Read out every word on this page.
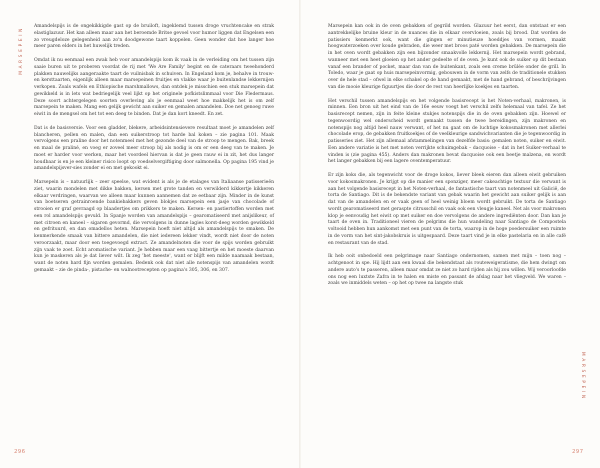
M A R S E P E I N

Amandelspijs is de ongekikkigde gast op de bruiloft, ingeklemd tussen droge vruchtencake en strak elastiglazuur. Het kan alleen maar aan het beroemde Britse gevoel voor humor liggen dat Engelsen een zo vreugdeloze gelegenheid aan zo'n doodgewone taart koppelen. Geen wonder dat hoe langer hoe meer paren elders in het huwelijk treden.

Omdat ik nu eenmaal een zwak heb voor amandelspijs kom ik vaak in de verleiding om het tussen zijn saaie buren uit te proberen voordat de rij met 'We Are Family' begint en de cateraars tweehonderd plakken nauwelijks aangeraakte taart de vuilnisbak in schuiven. In Engeland kom je, behalve in trouw- en kersttaarten, eigenlijk alleen maar marsepeinen fruitjes en vlakke waar je buitenlandse lekkernijen verkopen. Zoals wafels en Ethiopische marshmallows, dan ontdek je misschien een stuk marsepein dat gewikkeld is in lets wat bedriegelijk veel lijkt op het originele pofkistslimmaal voor Die Fledermaus. Deze soort achtergelegen soorten overleving als je eenmaal weet hoe makkelijk het is om zelf marsepein te maken. Mang een gelijk gewicht aan suiker en gemalen amandelen. Doe net genoeg ruwe eiwit in de mengsel om het tot een deeg te binden. Dat je dan kort kneedt. En zet.

Dat is de basisversie. Voor een gladder, blekere, arbeidsintensievere resultaat moet je amandelen zelf blancheren, pellen en malen, dan een suikerstroop tot harde bal koken – zie pagina 101. Maak vervolgens een praline door het notenmeel met het gezonde deel van de stroop te mengen. Bak, breek en maal de praliné, en voeg er zoveel meer stroop bij als nodig is om er een deeg van te maken. Je moet er harder voor werken, maar het voordeel hiervan is dat je geen rauw ei in zit, het dus langer houdbaar is en je een kleiner risico loopt op voedselvergiftiging door salmonella. Op pagina 195 vind je amandelspijsver-sies zonder ei en met gekookt ei.

Marsepein is – natuurlijk – zeer speelse, wat evident is als je de etalages van Italiaanse patisserieën ziet, waarin mondelen met dikke bakken, kersen met grote tanden en verwilderd kikkertje kikkeren elkaar verdringen, waarvan we alleen maar kunnen aannemen dat ze eetbaar zijn. Minder in de kunst van boetseren getrainroende bankiebakkers geven blokjes marsepein een jasje van chocolade of strooien er graf gevraagd op blaadertjes om prikkers te maken. Kersen- en pastiertoffen worden met een rol amandelspijs gevuld. In Spanje worden van amandelspijs – gearomatiseerd met anijslikeur, of met citroen en kaneel – sigaren gevormd, die vervolgens in dunne lagies korst-deeg worden gewikkeld en gefrituurd, en dan omadellos heten. Marsepein hoeft niet altijd als amandelspijs te smaken. De kenmerkende smaak van bittere amandelen, die niet iedereen lekker vindt, wordt niet door de noten veroorzaakt, maar door een toegevoegd extract. Ze amandelnoten die voor de spijs worden gebruikt zijn vaak te zoet. Echt aromatische variant. Je hebben maar een vaag bittertje en het moeste daarvan kun je maskeren als je dat liever wilt. Ik zeg 'het meeste', want er blijft een milde naamaak bestaan, want de noten hard fijn worden gemalen. Bedenk ook dat niet alle notenspijs van amandelen wordt gemaakt – zie de pinda-, pistache- en walnootrecepten op pagina's 305, 306, en 307.

296

Marsepein kan ook in de oven gebakken of gegrild worden. Glazuur het eerst, dan ontstaat er een aantrekkelijke bruine kleur in de nuances die in elkaar overvloeien, zoals bij brood. Dat worden de patissiers kenmerkt ook, want die gingen er minutieuze hoeddjes van vormen, maakt hoogwaterzoeken over koude gebraden, die weer met broos paté worden gebakken. De marsepein die in het oven wordt gebakken zijn een bijzonder smaakvolle lekkernij. Het marsepein wordt gebrand, wanneer met een heet gloeien op het ander gedeelte of de oven. Je kunt ook de suiker op dit bestaan vanaf een brander of pocket, maar dan van de buitenkant, zoals een creme brûlée onder de grill. In Toledo, waar je gaat op huis marsepeinvormig, gebouwen in de vorm van zelfs de traditionele stukken over de hele stad – ofwel in elke schakel op de hand gemaakt, met de hand gebrand, of beschrijvingen van die mooie kleurige figuurtjes die door de rest van heerlijke koekjes en taarten.

Het verschil tussen amandelspijs en het volgende basisrecept is het Noten-verhaal, makronen, is minnen. Een bron uit het eind van de 16e eeuw voegt het verschil zelfs helemaal van tafel. Ze het basisrecept nemen, zijn in feite kleine stukjes notenspijs die in de oven gebakken zijn. Hoewel er tegenwoordig wel onderscheid wordt gemaakt tussen de twee bereidingen, zijn makronen en notenspijs nog altijd heel nauw verwant, of het nu gaat om de luchtige kokosmakronen met allerlei chocolade erop, de gebakken fruitkoekjes of de veelkleurige sandwichvarianten die je tegenwoordig in patisseries ziet. Het zijn allemaal afstammelingen van dezelfde basis: gemalen noten, suiker en eiwit. Een andere variatie is het met noten verrijkte schuimgebak – dacquoise – dat in het Suiker-verhaal te vinden is (zie pagina 455). Anders dan makronen bevat dacquoise ook een beetje malzena, en wordt het langer gebakken bij een lagere oventemperatuur.

Er zijn koks die, als tegenwicht voor de droge kokos, liever bleek eieren dan alleen eiwit gebruiken voor kokosmakronen. Je krijgt op die manier een sponziger, meer cakeachtige textuur die verwant is aan het volgende basisrecept in het Noten-verhaal, de fantastische taart van notenmeel uit Galicië, de torta de Santiago. Dit is de bekendste variant van gebak waarin het gewicht aan suiker gelijk is aan dat van de amandelen en er vaak geen of heel weinig bloem wordt gebruikt. De torta de Santiago wordt gearomatiseerd met geraspte citrusschil en vaak ook een vleugje kaneel. Net als voor makronen klop je eenvoudig het eiwit op met suiker en doe vervolgens de andere ingrediënten door. Dan kan je taart de oven in. Traditioneel vieren de pelgrims die hun wandeling naar Santiago de Compostela voltooid hebben hun aankomst met een punt van de torta, waarop in de hoge poedersuiker een ruimte in de vorm van het sint-jakobskruis is uitgespaard. Deze taart vind je in elke pastelaria en in alle café en restaurant van de stad.

Ik heb ooit onbedoeld een pelgrimage naar Santiago ondernomen, samen met mijn – toen nog – achtgenoot in spe. Hij lijdt aan een kwaal die bekendstaat als routeweigeratisme, die hem dwingt om andere auto's te passeren, alleen maar omdat ze niet zo hard rijden als hij zou willen. Wij veroorloofde ons nog een luxtste Zafra in te halen en miste en passant de afslag naar het vliegveld. We waren – zoals we inmiddels weten – op het op twee na langste stuk

M A R S E P E I N
297
